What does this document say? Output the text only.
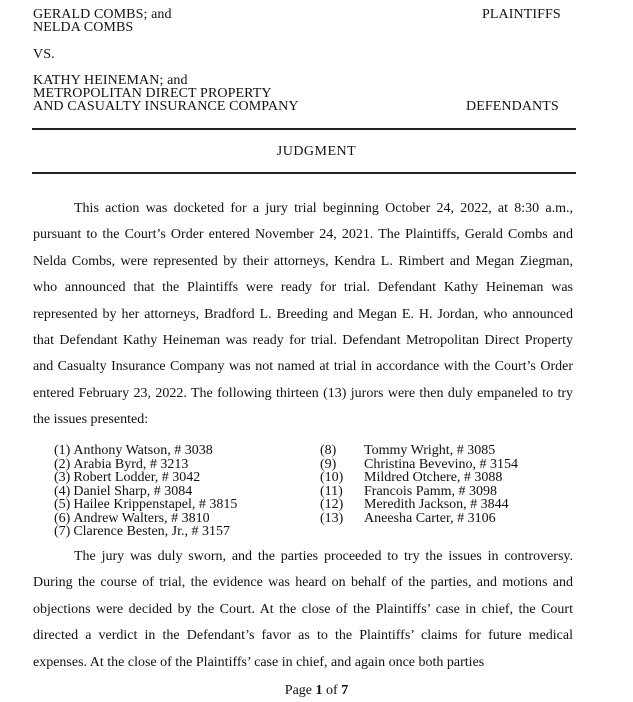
GERALD COMBS; and
NELDA COMBS
PLAINTIFFS
VS.
KATHY HEINEMAN; and
METROPOLITAN DIRECT PROPERTY
AND CASUALTY INSURANCE COMPANY	DEFENDANTS
JUDGMENT
This action was docketed for a jury trial beginning October 24, 2022, at 8:30 a.m., pursuant to the Court’s Order entered November 24, 2021. The Plaintiffs, Gerald Combs and Nelda Combs, were represented by their attorneys, Kendra L. Rimbert and Megan Ziegman, who announced that the Plaintiffs were ready for trial. Defendant Kathy Heineman was represented by her attorneys, Bradford L. Breeding and Megan E. H. Jordan, who announced that Defendant Kathy Heineman was ready for trial. Defendant Metropolitan Direct Property and Casualty Insurance Company was not named at trial in accordance with the Court’s Order entered February 23, 2022. The following thirteen (13) jurors were then duly empaneled to try the issues presented:
(1) Anthony Watson, # 3038
(2) Arabia Byrd, # 3213
(3) Robert Lodder, # 3042
(4) Daniel Sharp, # 3084
(5) Hailee Krippenstapel, # 3815
(6) Andrew Walters, # 3810
(7) Clarence Besten, Jr., # 3157
(8) Tommy Wright, # 3085
(9) Christina Bevevino, # 3154
(10) Mildred Otchere, # 3088
(11) Francois Pamm, # 3098
(12) Meredith Jackson, # 3844
(13) Aneesha Carter, # 3106
The jury was duly sworn, and the parties proceeded to try the issues in controversy. During the course of trial, the evidence was heard on behalf of the parties, and motions and objections were decided by the Court. At the close of the Plaintiffs’ case in chief, the Court directed a verdict in the Defendant’s favor as to the Plaintiffs’ claims for future medical expenses. At the close of the Plaintiffs’ case in chief, and again once both parties
Page 1 of 7
